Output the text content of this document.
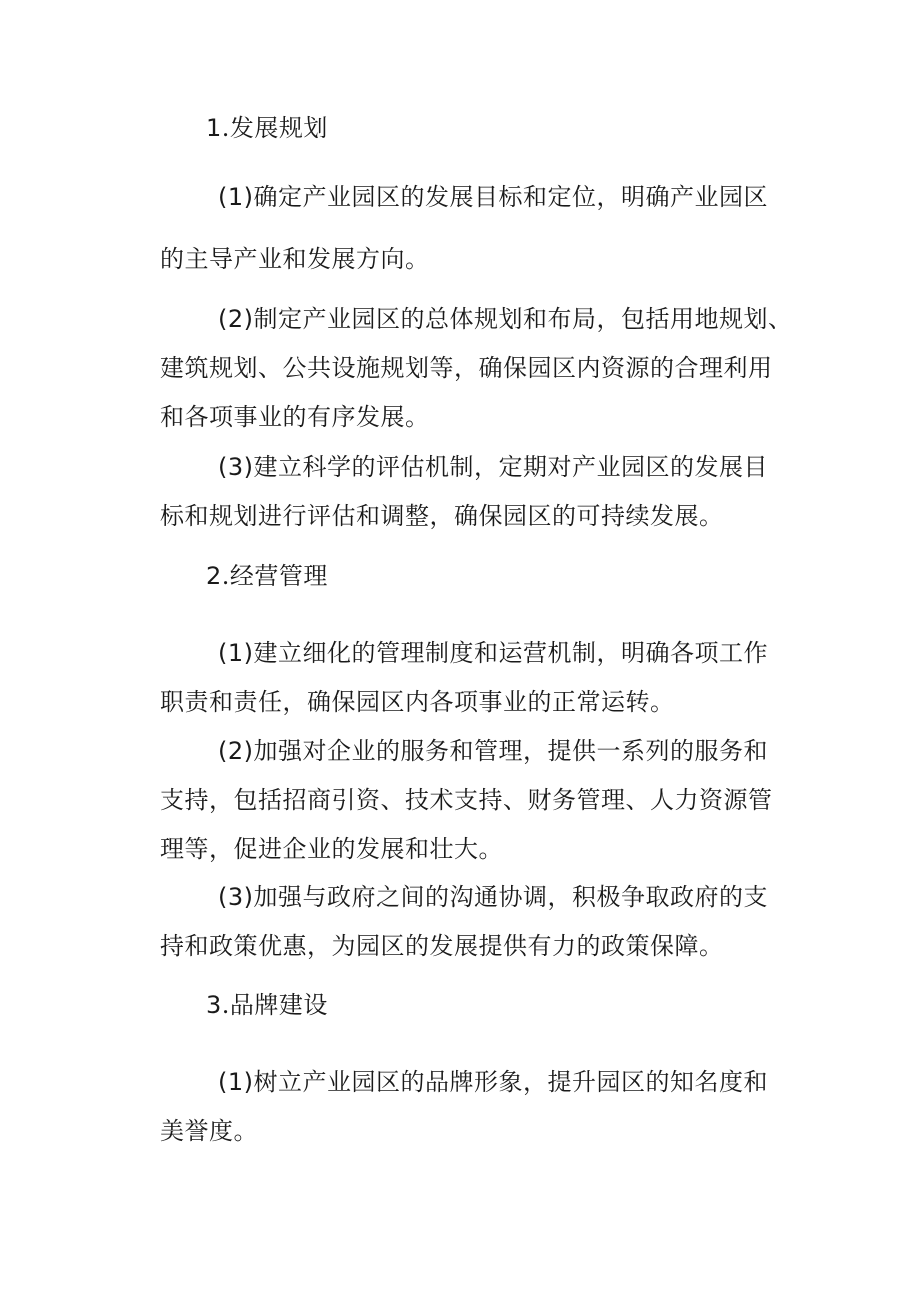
1.发展规划

(1)确定产业园区的发展目标和定位，明确产业园区

的主导产业和发展方向。

(2)制定产业园区的总体规划和布局，包括用地规划、

建筑规划、公共设施规划等，确保园区内资源的合理利用

和各项事业的有序发展。

(3)建立科学的评估机制，定期对产业园区的发展目

标和规划进行评估和调整，确保园区的可持续发展。

2.经营管理

(1)建立细化的管理制度和运营机制，明确各项工作

职责和责任，确保园区内各项事业的正常运转。

(2)加强对企业的服务和管理，提供一系列的服务和

支持，包括招商引资、技术支持、财务管理、人力资源管

理等，促进企业的发展和壮大。

(3)加强与政府之间的沟通协调，积极争取政府的支

持和政策优惠，为园区的发展提供有力的政策保障。

3.品牌建设

(1)树立产业园区的品牌形象，提升园区的知名度和

美誉度。
